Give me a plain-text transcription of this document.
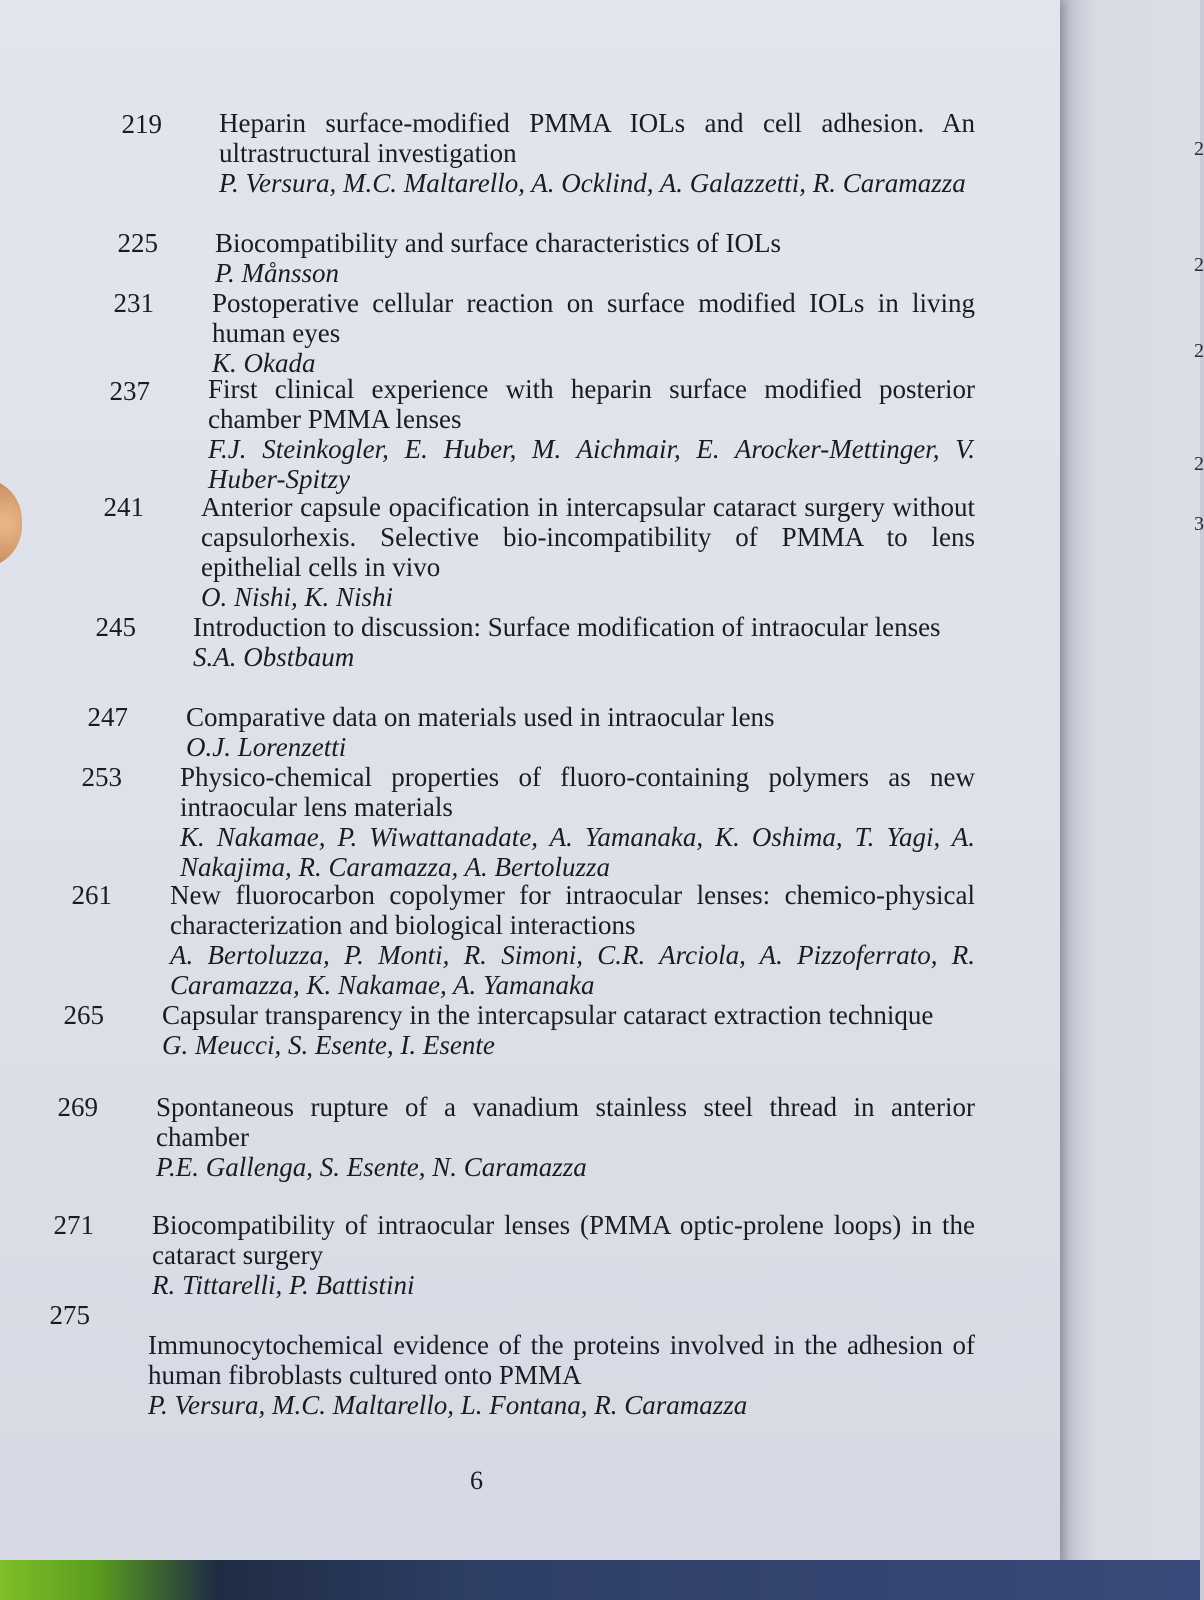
2
2
2
2
3
219 Heparin surface-modified PMMA IOLs and cell adhesion. An ultrastructural investigation
P. Versura, M.C. Maltarello, A. Ocklind, A. Galazzetti, R. Caramazza
225 Biocompatibility and surface characteristics of IOLs
P. Månsson
231 Postoperative cellular reaction on surface modified IOLs in living human eyes
K. Okada
237 First clinical experience with heparin surface modified posterior chamber PMMA lenses
F.J. Steinkogler, E. Huber, M. Aichmair, E. Arocker-Mettinger, V. Huber-Spitzy
241 Anterior capsule opacification in intercapsular cataract surgery without capsulorhexis. Selective bio-incompatibility of PMMA to lens epithelial cells in vivo
O. Nishi, K. Nishi
245 Introduction to discussion: Surface modification of intraocular lenses
S.A. Obstbaum
247 Comparative data on materials used in intraocular lens
O.J. Lorenzetti
253 Physico-chemical properties of fluoro-containing polymers as new intraocular lens materials
K. Nakamae, P. Wiwattanadate, A. Yamanaka, K. Oshima, T. Yagi, A. Nakajima, R. Caramazza, A. Bertoluzza
261 New fluorocarbon copolymer for intraocular lenses: chemico-physical characterization and biological interactions
A. Bertoluzza, P. Monti, R. Simoni, C.R. Arciola, A. Pizzoferrato, R. Caramazza, K. Nakamae, A. Yamanaka
265 Capsular transparency in the intercapsular cataract extraction technique
G. Meucci, S. Esente, I. Esente
269 Spontaneous rupture of a vanadium stainless steel thread in anterior chamber
P.E. Gallenga, S. Esente, N. Caramazza
271 Biocompatibility of intraocular lenses (PMMA optic-prolene loops) in the cataract surgery
R. Tittarelli, P. Battistini
275
Immunocytochemical evidence of the proteins involved in the adhesion of human fibroblasts cultured onto PMMA
P. Versura, M.C. Maltarello, L. Fontana, R. Caramazza
6
